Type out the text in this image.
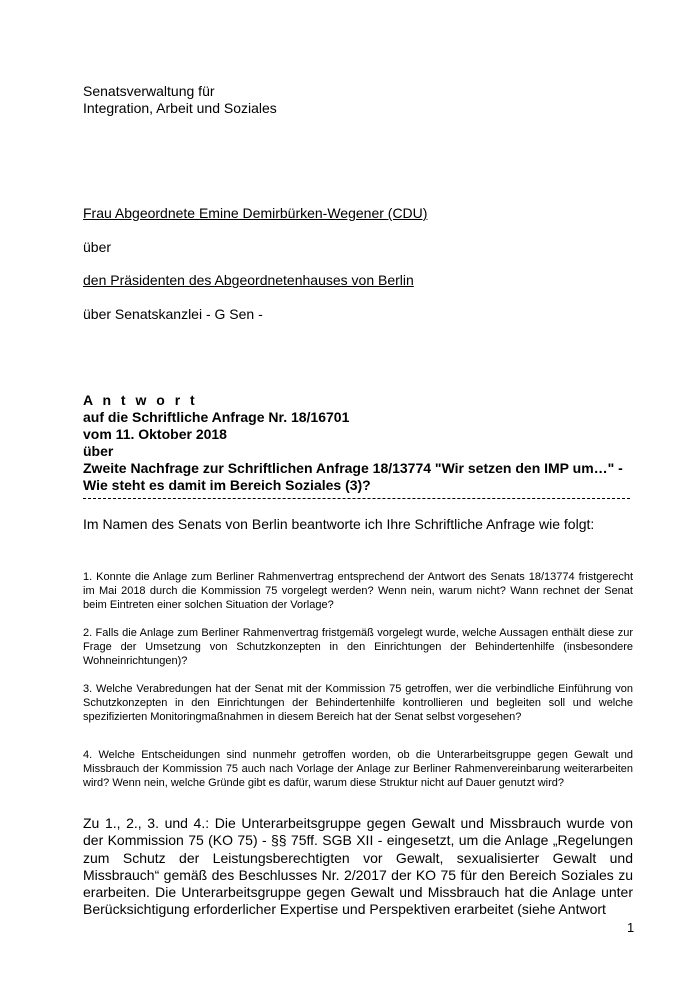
Senatsverwaltung für
Integration, Arbeit und Soziales
Frau Abgeordnete Emine Demirbürken-Wegener (CDU)
über
den Präsidenten des Abgeordnetenhauses von Berlin
über Senatskanzlei - G Sen -
A n t w o r t
auf die Schriftliche Anfrage Nr. 18/16701
vom 11. Oktober 2018
über
Zweite Nachfrage zur Schriftlichen Anfrage 18/13774 "Wir setzen den IMP um…" - Wie steht es damit im Bereich Soziales (3)?
Im Namen des Senats von Berlin beantworte ich Ihre Schriftliche Anfrage wie folgt:
1. Konnte die Anlage zum Berliner Rahmenvertrag entsprechend der Antwort des Senats 18/13774 fristgerecht im Mai 2018 durch die Kommission 75 vorgelegt werden? Wenn nein, warum nicht? Wann rechnet der Senat beim Eintreten einer solchen Situation der Vorlage?
2. Falls die Anlage zum Berliner Rahmenvertrag fristgemäß vorgelegt wurde, welche Aussagen enthält diese zur Frage der Umsetzung von Schutzkonzepten in den Einrichtungen der Behindertenhilfe (insbesondere Wohneinrichtungen)?
3. Welche Verabredungen hat der Senat mit der Kommission 75 getroffen, wer die verbindliche Einführung von Schutzkonzepten in den Einrichtungen der Behindertenhilfe kontrollieren und begleiten soll und welche spezifizierten Monitoringmaßnahmen in diesem Bereich hat der Senat selbst vorgesehen?
4. Welche Entscheidungen sind nunmehr getroffen worden, ob die Unterarbeitsgruppe gegen Gewalt und Missbrauch der Kommission 75 auch nach Vorlage der Anlage zur Berliner Rahmenvereinbarung weiterarbeiten wird? Wenn nein, welche Gründe gibt es dafür, warum diese Struktur nicht auf Dauer genutzt wird?
Zu 1., 2., 3. und 4.: Die Unterarbeitsgruppe gegen Gewalt und Missbrauch wurde von der Kommission 75 (KO 75) - §§ 75ff. SGB XII - eingesetzt, um die Anlage „Regelungen zum Schutz der Leistungsberechtigten vor Gewalt, sexualisierter Gewalt und Missbrauch“ gemäß des Beschlusses Nr. 2/2017 der KO 75 für den Bereich Soziales zu erarbeiten. Die Unterarbeitsgruppe gegen Gewalt und Missbrauch hat die Anlage unter Berücksichtigung erforderlicher Expertise und Perspektiven erarbeitet (siehe Antwort
1
